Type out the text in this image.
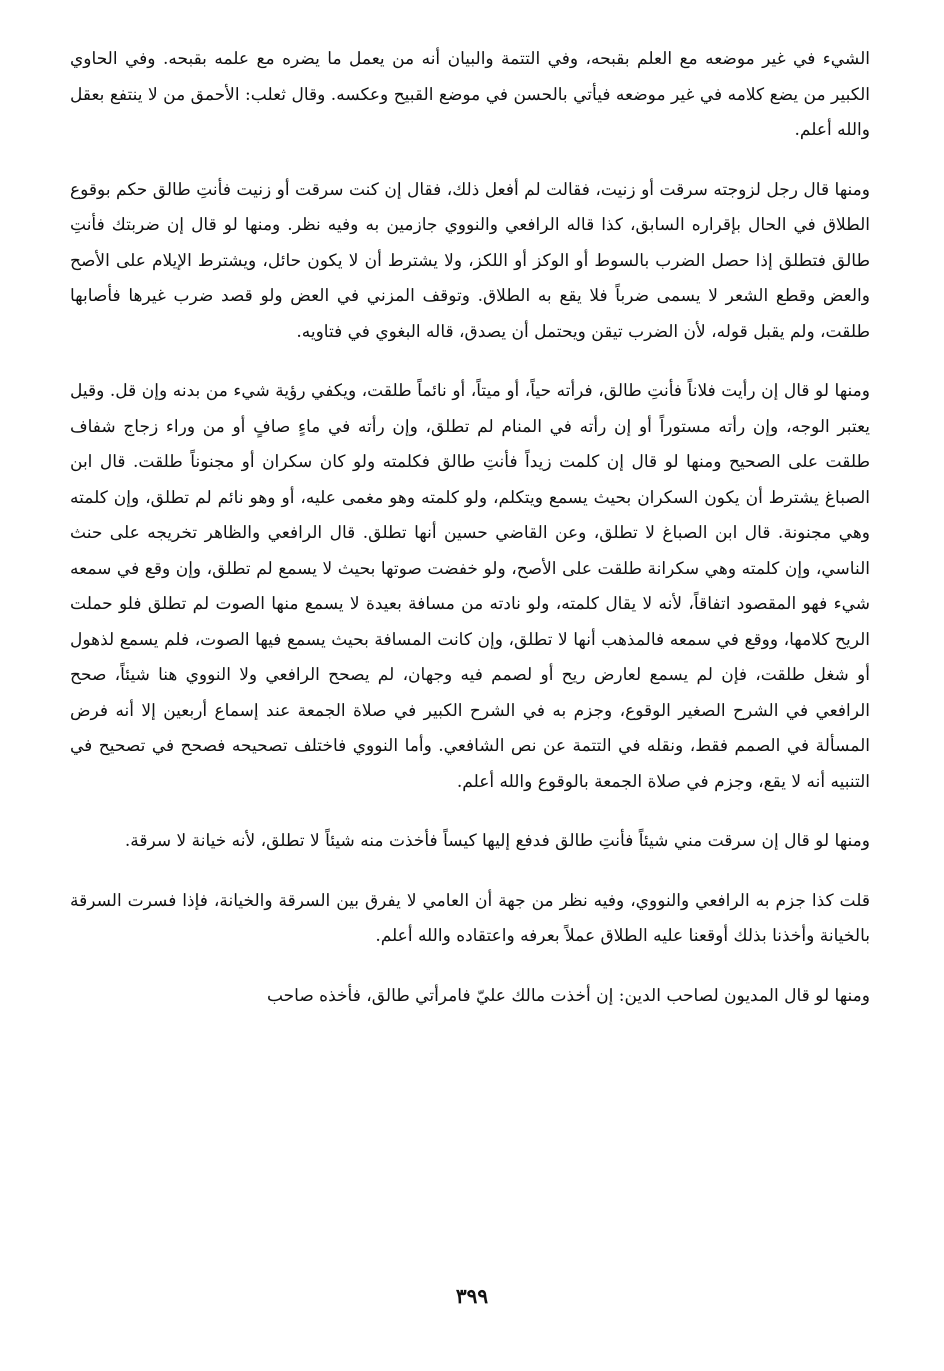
الشيء في غير موضعه مع العلم بقبحه، وفي التتمة والبيان أنه من يعمل ما يضره مع علمه بقبحه. وفي الحاوي الكبير من يضع كلامه في غير موضعه فيأتي بالحسن في موضع القبيح وعكسه. وقال ثعلب: الأحمق من لا ينتفع بعقل والله أعلم.

ومنها قال رجل لزوجته سرقت أو زنيت، فقالت لم أفعل ذلك، فقال إن كنت سرقت أو زنيت فأنتِ طالق حكم بوقوع الطلاق في الحال بإقراره السابق، كذا قاله الرافعي والنووي جازمين به وفيه نظر. ومنها لو قال إن ضربتك فأنتِ طالق فتطلق إذا حصل الضرب بالسوط أو الوكز أو اللكز، ولا يشترط أن لا يكون حائل، ويشترط الإيلام على الأصح والعض وقطع الشعر لا يسمى ضرباً فلا يقع به الطلاق. وتوقف المزني في العض ولو قصد ضرب غيرها فأصابها طلقت، ولم يقبل قوله، لأن الضرب تيقن ويحتمل أن يصدق، قاله البغوي في فتاويه.

ومنها لو قال إن رأيت فلاناً فأنتِ طالق، فرأته حياً، أو ميتاً، أو نائماً طلقت، ويكفي رؤية شيء من بدنه وإن قل. وقيل يعتبر الوجه، وإن رأته مستوراً أو إن رأته في المنام لم تطلق، وإن رأته في ماءٍ صافٍ أو من وراء زجاج شفاف طلقت على الصحيح ومنها لو قال إن كلمت زيداً فأنتِ طالق فكلمته ولو كان سكران أو مجنوناً طلقت. قال ابن الصباغ يشترط أن يكون السكران بحيث يسمع ويتكلم، ولو كلمته وهو مغمى عليه، أو وهو نائم لم تطلق، وإن كلمته وهي مجنونة. قال ابن الصباغ لا تطلق، وعن القاضي حسين أنها تطلق. قال الرافعي والظاهر تخريجه على حنث الناسي، وإن كلمته وهي سكرانة طلقت على الأصح، ولو خفضت صوتها بحيث لا يسمع لم تطلق، وإن وقع في سمعه شيء فهو المقصود اتفاقاً، لأنه لا يقال كلمته، ولو نادته من مسافة بعيدة لا يسمع منها الصوت لم تطلق فلو حملت الريح كلامها، ووقع في سمعه فالمذهب أنها لا تطلق، وإن كانت المسافة بحيث يسمع فيها الصوت، فلم يسمع لذهول أو شغل طلقت، فإن لم يسمع لعارض ريح أو لصمم فيه وجهان، لم يصحح الرافعي ولا النووي هنا شيئاً، صحح الرافعي في الشرح الصغير الوقوع، وجزم به في الشرح الكبير في صلاة الجمعة عند إسماع أربعين إلا أنه فرض المسألة في الصمم فقط، ونقله في التتمة عن نص الشافعي. وأما النووي فاختلف تصحيحه فصحح في تصحيح في التنبيه أنه لا يقع، وجزم في صلاة الجمعة بالوقوع والله أعلم.

ومنها لو قال إن سرقت مني شيئاً فأنتِ طالق فدفع إليها كيساً فأخذت منه شيئاً لا تطلق، لأنه خيانة لا سرقة.

قلت كذا جزم به الرافعي والنووي، وفيه نظر من جهة أن العامي لا يفرق بين السرقة والخيانة، فإذا فسرت السرقة بالخيانة وأخذنا بذلك أوقعنا عليه الطلاق عملاً بعرفه واعتقاده والله أعلم.

ومنها لو قال المديون لصاحب الدين: إن أخذت مالك عليّ فامرأتي طالق، فأخذه صاحب

٣٩٩
